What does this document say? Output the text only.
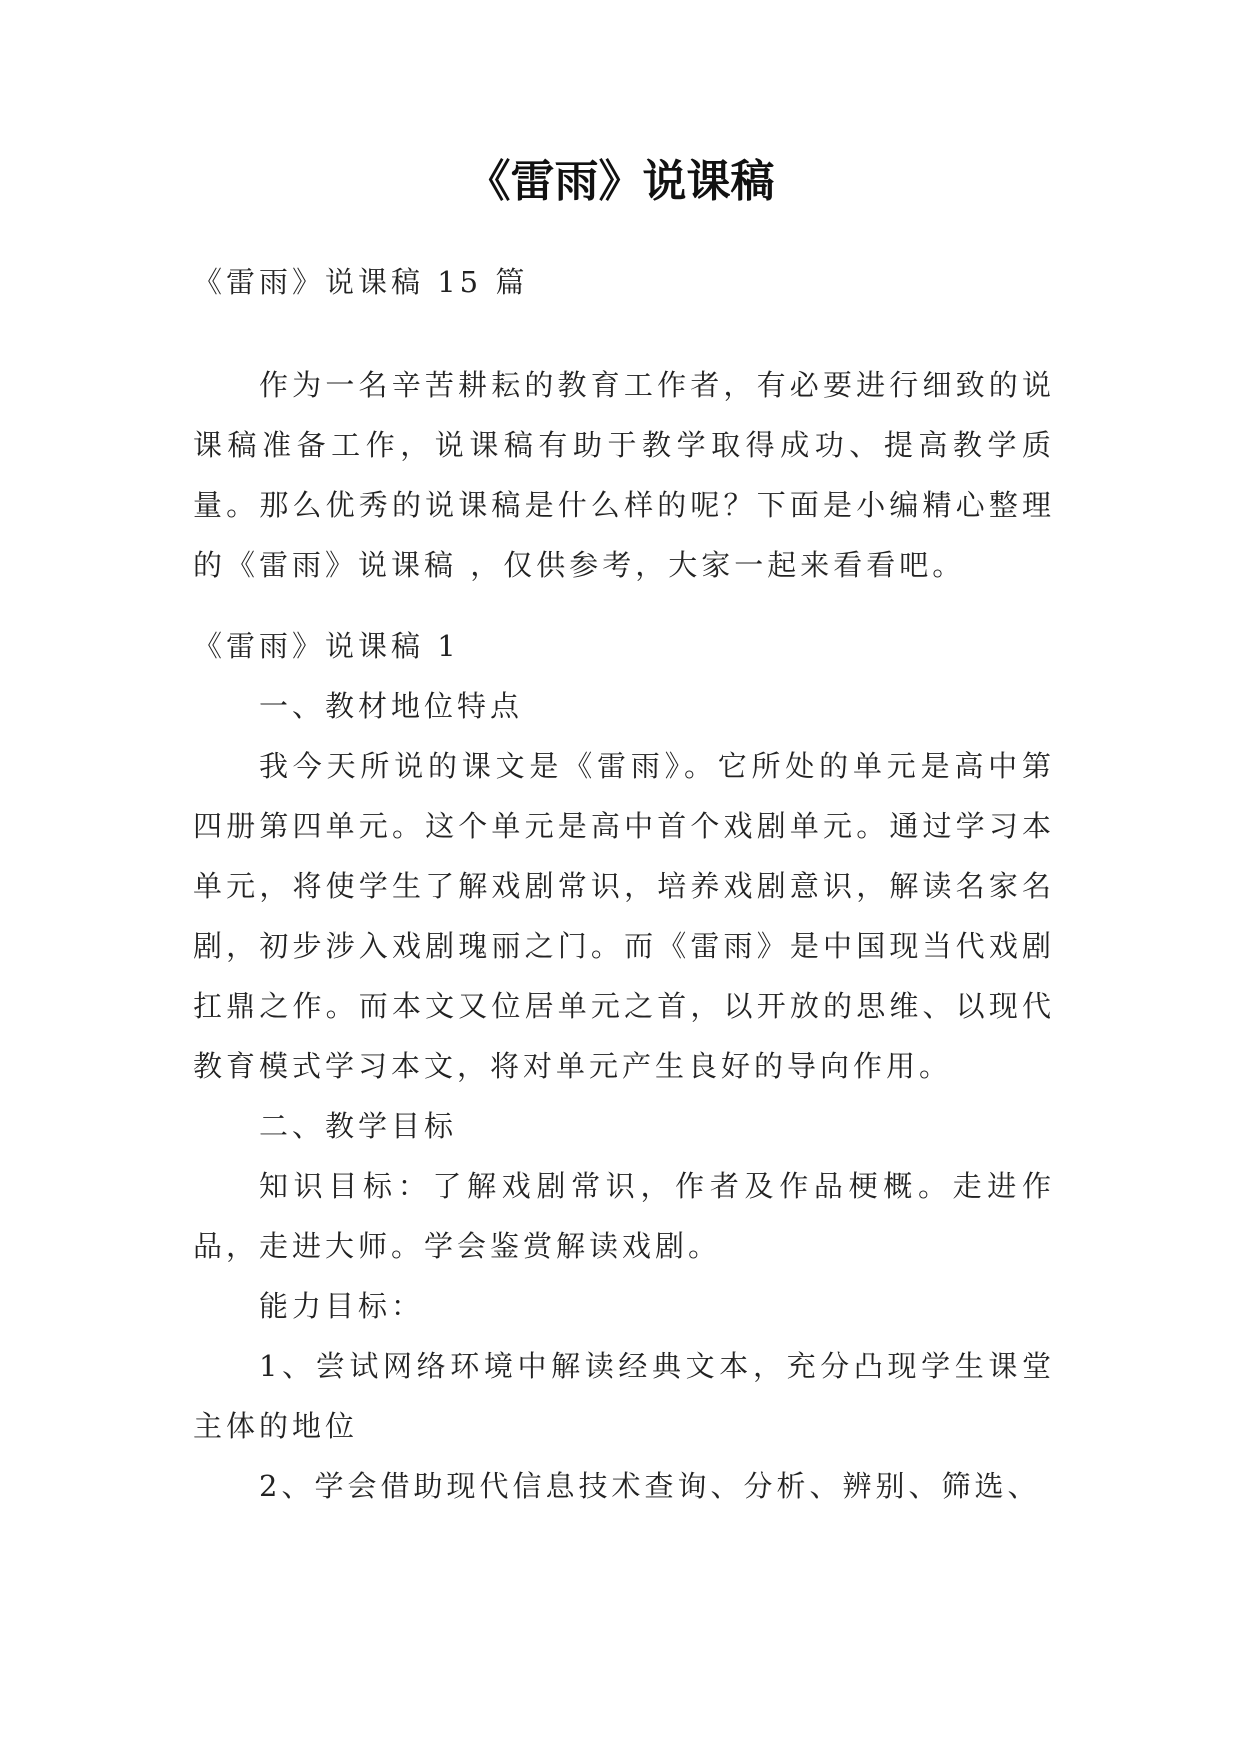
《雷雨》说课稿

《雷雨》说课稿 15 篇

作为一名辛苦耕耘的教育工作者，有必要进行细致的说课稿准备工作，说课稿有助于教学取得成功、提高教学质量。那么优秀的说课稿是什么样的呢？下面是小编精心整理的《雷雨》说课稿 ，仅供参考，大家一起来看看吧。

《雷雨》说课稿 1

一、教材地位特点

我今天所说的课文是《雷雨》。它所处的单元是高中第四册第四单元。这个单元是高中首个戏剧单元。通过学习本单元，将使学生了解戏剧常识，培养戏剧意识，解读名家名剧，初步涉入戏剧瑰丽之门。而《雷雨》是中国现当代戏剧扛鼎之作。而本文又位居单元之首，以开放的思维、以现代教育模式学习本文，将对单元产生良好的导向作用。

二、教学目标

知识目标：了解戏剧常识，作者及作品梗概。走进作品，走进大师。学会鉴赏解读戏剧。

能力目标：

1、尝试网络环境中解读经典文本，充分凸现学生课堂主体的地位

2、学会借助现代信息技术查询、分析、辨别、筛选、
